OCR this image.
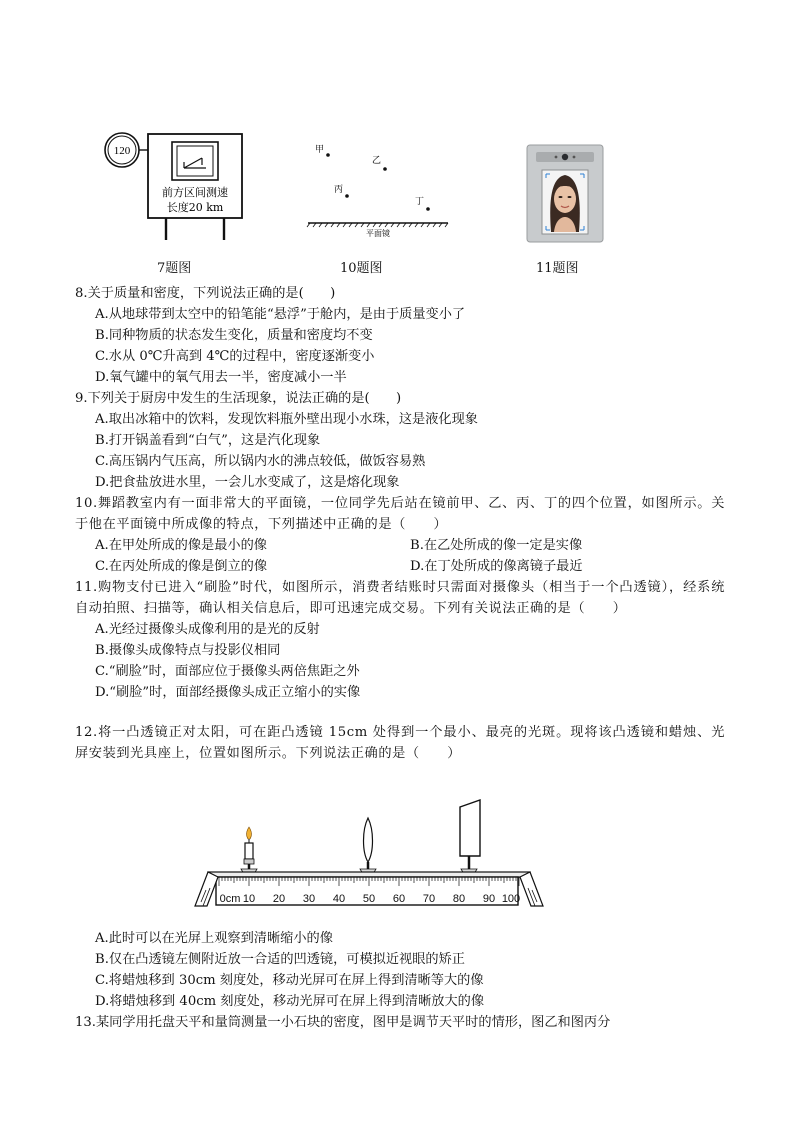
120
前方区间测速
长度20 km
7题图
甲
乙
丙
丁
平面镜
10题图	11题图

8.关于质量和密度，下列说法正确的是(　　)

A.从地球带到太空中的铅笔能“悬浮”于舱内，是由于质量变小了

B.同种物质的状态发生变化，质量和密度均不变

C.水从 0℃升高到 4℃的过程中，密度逐渐变小

D.氧气罐中的氧气用去一半，密度减小一半

9.下列关于厨房中发生的生活现象，说法正确的是(　　)

A.取出冰箱中的饮料，发现饮料瓶外壁出现小水珠，这是液化现象

B.打开锅盖看到“白气”，这是汽化现象

C.高压锅内气压高，所以锅内水的沸点较低，做饭容易熟

D.把食盐放进水里，一会儿水变咸了，这是熔化现象

10.舞蹈教室内有一面非常大的平面镜，一位同学先后站在镜前甲、乙、丙、丁的四个位置，如图所示。关于他在平面镜中所成像的特点，下列描述中正确的是（　　）

A.在甲处所成的像是最小的像	B.在乙处所成的像一定是实像

C.在丙处所成的像是倒立的像	D.在丁处所成的像离镜子最近

11.购物支付已进入“刷脸”时代，如图所示，消费者结账时只需面对摄像头（相当于一个凸透镜），经系统自动拍照、扫描等，确认相关信息后，即可迅速完成交易。下列有关说法正确的是（　　）

A.光经过摄像头成像利用的是光的反射

B.摄像头成像特点与投影仪相同

C.“刷脸”时，面部应位于摄像头两倍焦距之外

D.“刷脸”时，面部经摄像头成正立缩小的实像

12.将一凸透镜正对太阳，可在距凸透镜 15cm 处得到一个最小、最亮的光斑。现将该凸透镜和蜡烛、光屏安装到光具座上，位置如图所示。下列说法正确的是（　　）

0cm 10 20 30 40 50 60 70 80 90 100

A.此时可以在光屏上观察到清晰缩小的像

B.仅在凸透镜左侧附近放一合适的凹透镜，可模拟近视眼的矫正

C.将蜡烛移到 30cm 刻度处，移动光屏可在屏上得到清晰等大的像

D.将蜡烛移到 40cm 刻度处，移动光屏可在屏上得到清晰放大的像

13.某同学用托盘天平和量筒测量一小石块的密度，图甲是调节天平时的情形，图乙和图丙分
